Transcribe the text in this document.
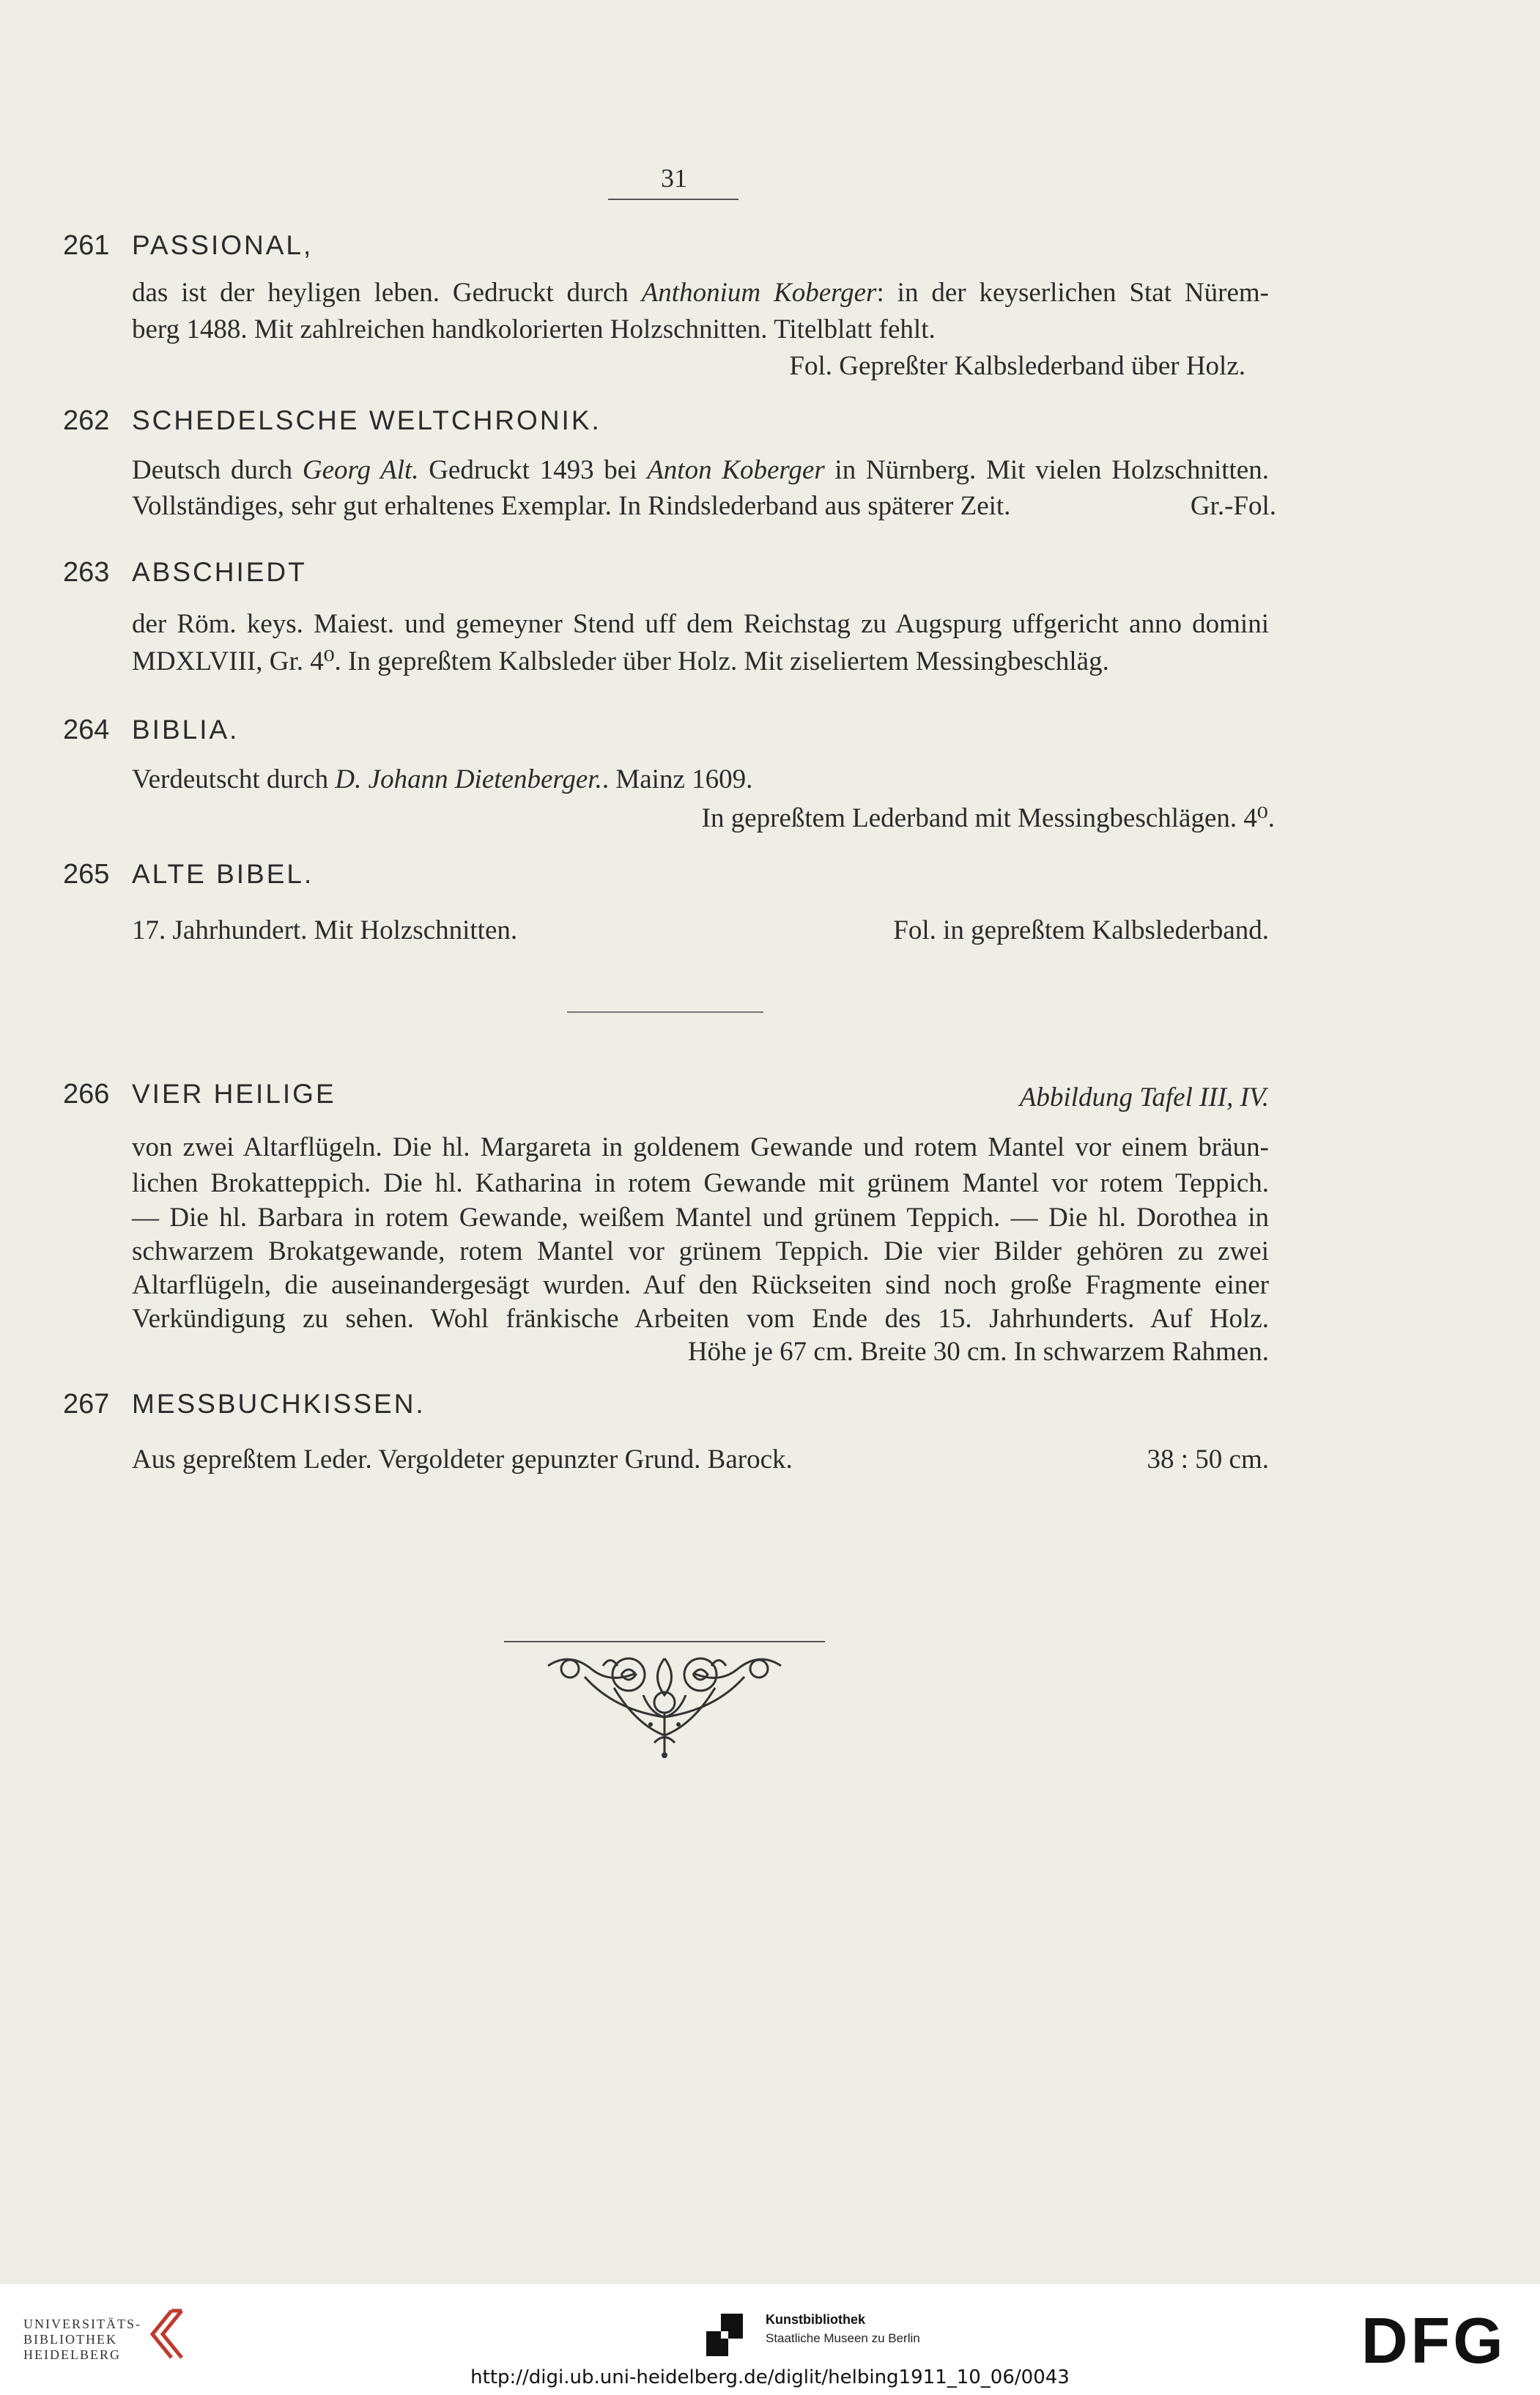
31
261 PASSIONAL,
das ist der heyligen leben. Gedruckt durch Anthonium Koberger: in der keyserlichen Stat Nürem-
berg 1488. Mit zahlreichen handkolorierten Holzschnitten. Titelblatt fehlt.
Fol. Gepreßter Kalbslederband über Holz.
262 SCHEDELSCHE WELTCHRONIK.
Deutsch durch Georg Alt. Gedruckt 1493 bei Anton Koberger in Nürnberg. Mit vielen Holzschnitten.
Vollständiges, sehr gut erhaltenes Exemplar. In Rindslederband aus späterer Zeit.	Gr.-Fol.
263 ABSCHIEDT
der Röm. keys. Maiest. und gemeyner Stend uff dem Reichstag zu Augspurg uffgericht anno domini
MDXLVIII, Gr. 4⁰. In gepreßtem Kalbsleder über Holz. Mit ziseliertem Messingbeschläg.
264 BIBLIA.
Verdeutscht durch D. Johann Dietenberger.. Mainz 1609.
In gepreßtem Lederband mit Messingbeschlägen. 4⁰.
265 ALTE BIBEL.
17. Jahrhundert. Mit Holzschnitten.	Fol. in gepreßtem Kalbslederband.
266 VIER HEILIGE	Abbildung Tafel III, IV.
von zwei Altarflügeln. Die hl. Margareta in goldenem Gewande und rotem Mantel vor einem bräun-
lichen Brokatteppich. Die hl. Katharina in rotem Gewande mit grünem Mantel vor rotem Teppich.
— Die hl. Barbara in rotem Gewande, weißem Mantel und grünem Teppich. — Die hl. Dorothea in
schwarzem Brokatgewande, rotem Mantel vor grünem Teppich. Die vier Bilder gehören zu zwei
Altarflügeln, die auseinandergesägt wurden. Auf den Rückseiten sind noch große Fragmente einer
Verkündigung zu sehen. Wohl fränkische Arbeiten vom Ende des 15. Jahrhunderts. Auf Holz.
Höhe je 67 cm. Breite 30 cm. In schwarzem Rahmen.
267 MESSBUCHKISSEN.
Aus gepreßtem Leder. Vergoldeter gepunzter Grund. Barock.	38 : 50 cm.
UNIVERSITÄTS-
BIBLIOTHEK
HEIDELBERG
Kunstbibliothek
Staatliche Museen zu Berlin	DFG
http://digi.ub.uni-heidelberg.de/diglit/helbing1911_10_06/0043
